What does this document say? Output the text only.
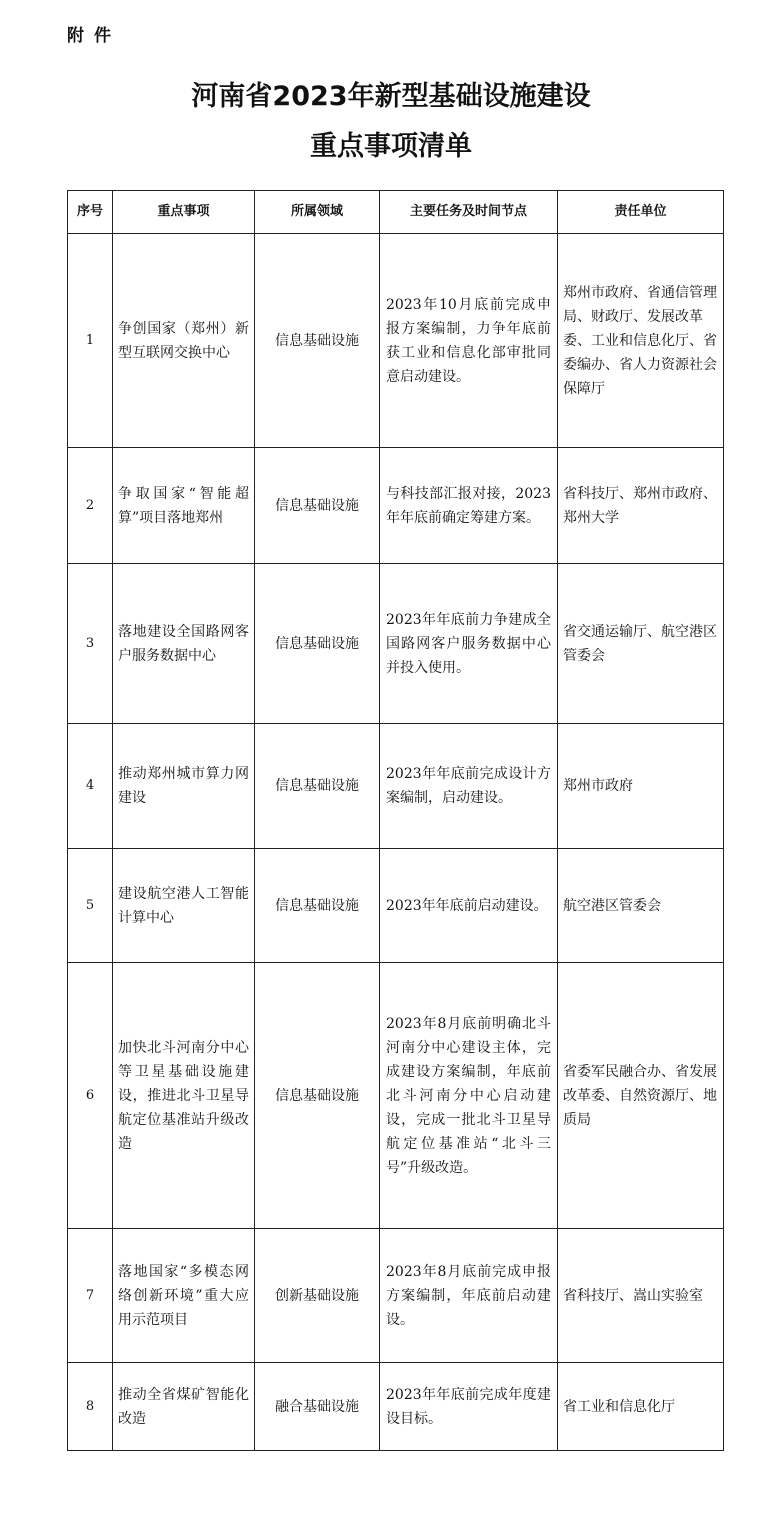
附件
河南省2023年新型基础设施建设
重点事项清单
序号	重点事项	所属领域	主要任务及时间节点	责任单位
1	争创国家（郑州）新型互联网交换中心	信息基础设施	2023年10月底前完成申报方案编制，力争年底前获工业和信息化部审批同意启动建设。	郑州市政府、省通信管理局、财政厅、发展改革委、工业和信息化厅、省委编办、省人力资源社会保障厅
2	争取国家“智能超算”项目落地郑州	信息基础设施	与科技部汇报对接，2023年年底前确定筹建方案。	省科技厅、郑州市政府、郑州大学
3	落地建设全国路网客户服务数据中心	信息基础设施	2023年年底前力争建成全国路网客户服务数据中心并投入使用。	省交通运输厅、航空港区管委会
4	推动郑州城市算力网建设	信息基础设施	2023年年底前完成设计方案编制，启动建设。	郑州市政府
5	建设航空港人工智能计算中心	信息基础设施	2023年年底前启动建设。	航空港区管委会
6	加快北斗河南分中心等卫星基础设施建设，推进北斗卫星导航定位基准站升级改造	信息基础设施	2023年8月底前明确北斗河南分中心建设主体，完成建设方案编制，年底前北斗河南分中心启动建设，完成一批北斗卫星导航定位基准站“北斗三号”升级改造。	省委军民融合办、省发展改革委、自然资源厅、地质局
7	落地国家“多模态网络创新环境”重大应用示范项目	创新基础设施	2023年8月底前完成申报方案编制，年底前启动建设。	省科技厅、嵩山实验室
8	推动全省煤矿智能化改造	融合基础设施	2023年年底前完成年度建设目标。	省工业和信息化厅
